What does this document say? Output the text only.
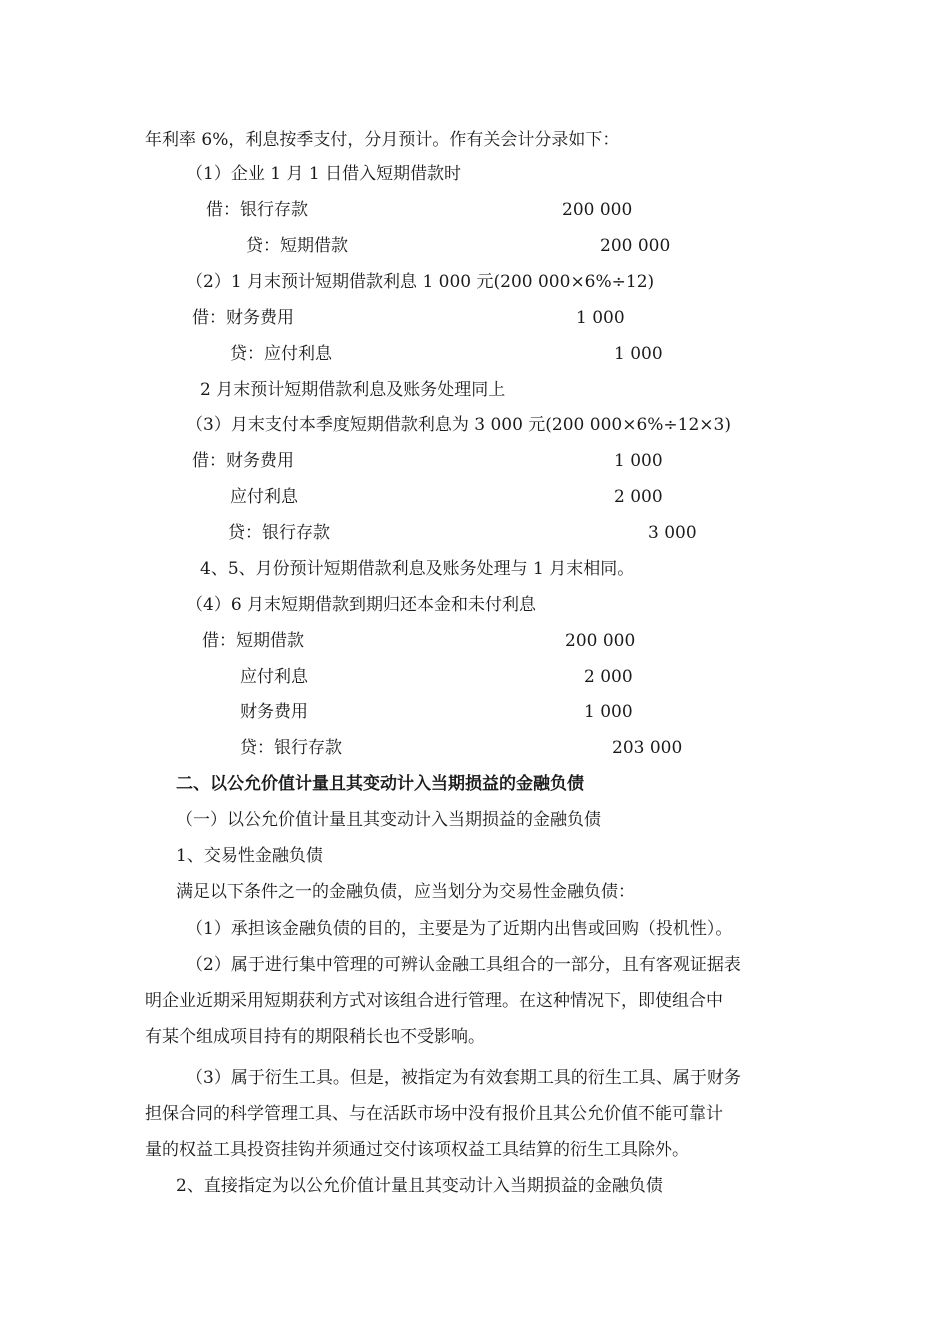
年利率 6%，利息按季支付，分月预计。作有关会计分录如下：
（1）企业 1 月 1 日借入短期借款时
借：银行存款	200 000
贷：短期借款	200 000
（2）1 月末预计短期借款利息 1 000 元(200 000×6%÷12)
借：财务费用	1 000
贷：应付利息	1 000
2 月末预计短期借款利息及账务处理同上
（3）月末支付本季度短期借款利息为 3 000 元(200 000×6%÷12×3)
借：财务费用	1 000
应付利息	2 000
贷：银行存款	3 000
4、5、月份预计短期借款利息及账务处理与 1 月末相同。
（4）6 月末短期借款到期归还本金和未付利息
借：短期借款	200 000
应付利息	2 000
财务费用	1 000
贷：银行存款	203 000
二、以公允价值计量且其变动计入当期损益的金融负债
（一）以公允价值计量且其变动计入当期损益的金融负债
1、交易性金融负债
满足以下条件之一的金融负债，应当划分为交易性金融负债：
（1）承担该金融负债的目的，主要是为了近期内出售或回购（投机性）。
（2）属于进行集中管理的可辨认金融工具组合的一部分，且有客观证据表
明企业近期采用短期获利方式对该组合进行管理。在这种情况下，即使组合中
有某个组成项目持有的期限稍长也不受影响。
（3）属于衍生工具。但是，被指定为有效套期工具的衍生工具、属于财务
担保合同的科学管理工具、与在活跃市场中没有报价且其公允价值不能可靠计
量的权益工具投资挂钩并须通过交付该项权益工具结算的衍生工具除外。
2、直接指定为以公允价值计量且其变动计入当期损益的金融负债
